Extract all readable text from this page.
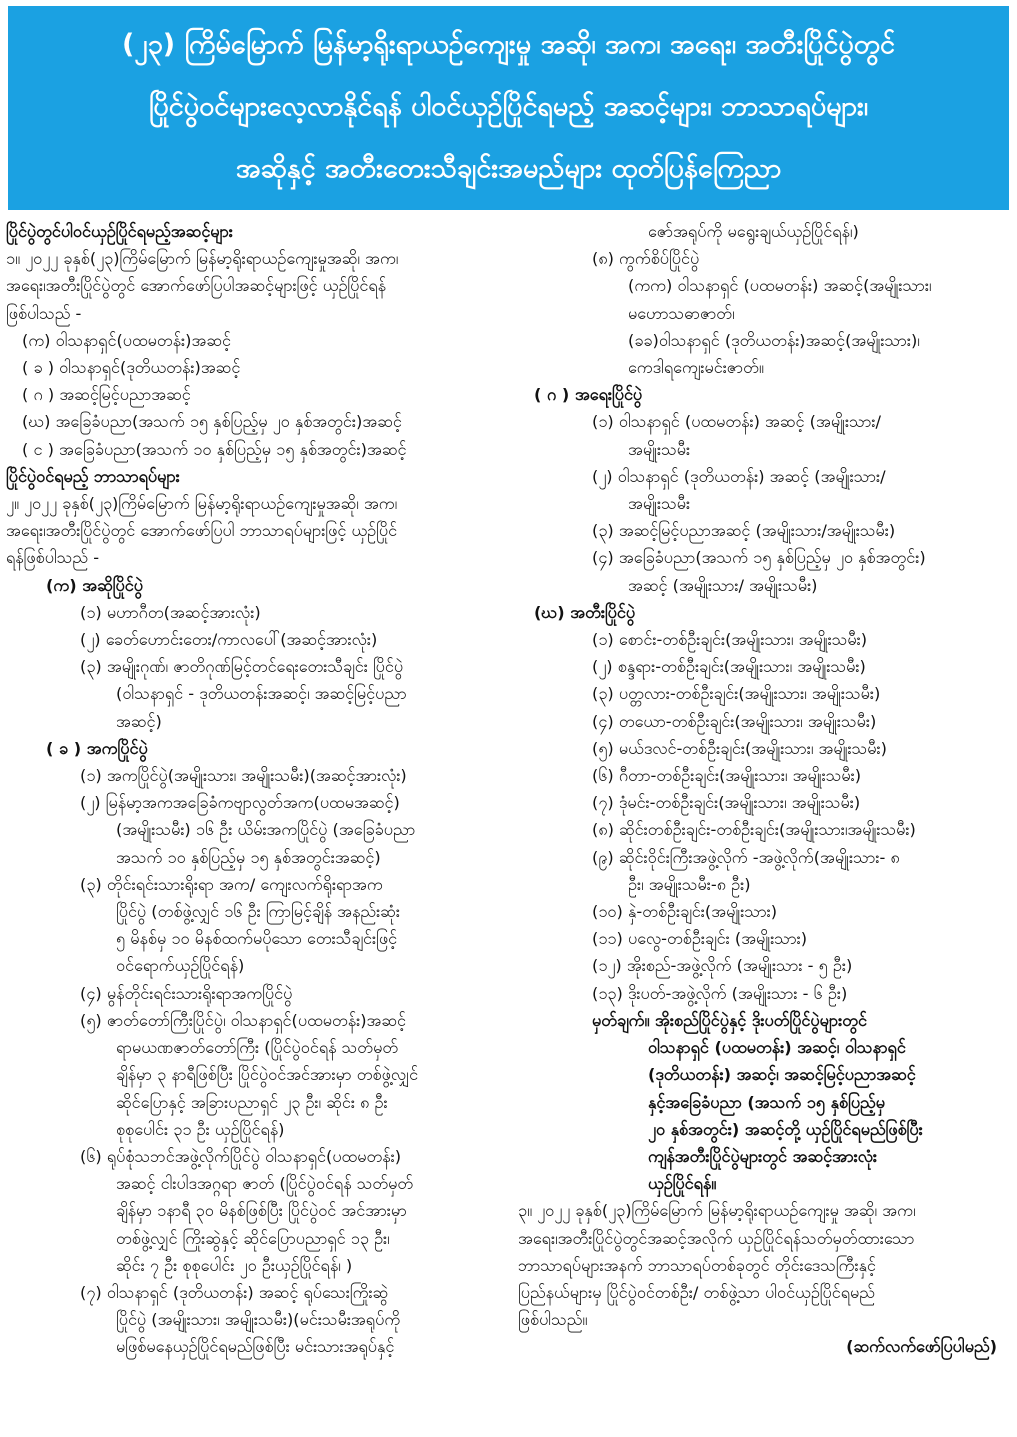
(၂၃) ကြိမ်မြောက် မြန်မာ့ရိုးရာယဉ်ကျေးမှု အဆို၊ အက၊ အရေး၊ အတီးပြိုင်ပွဲတွင်
ပြိုင်ပွဲဝင်များလေ့လာနိုင်ရန် ပါဝင်ယှဉ်ပြိုင်ရမည့် အဆင့်များ၊ ဘာသာရပ်များ၊
အဆိုနှင့် အတီးတေးသီချင်းအမည်များ ထုတ်ပြန်ကြေညာ
ပြိုင်ပွဲတွင်ပါဝင်ယှဉ်ပြိုင်ရမည့်အဆင့်များ
၁။ ၂၀၂၂ ခုနှစ်(၂၃)ကြိမ်မြောက် မြန်မာ့ရိုးရာယဉ်ကျေးမှုအဆို၊ အက၊
အရေး၊အတီးပြိုင်ပွဲတွင် အောက်ဖော်ပြပါအဆင့်များဖြင့် ယှဉ်ပြိုင်ရန်
ဖြစ်ပါသည် -
(က) ဝါသနာရှင်(ပထမတန်း)အဆင့်
( ခ ) ဝါသနာရှင်(ဒုတိယတန်း)အဆင့်
( ဂ ) အဆင့်မြင့်ပညာအဆင့်
(ဃ) အခြေခံပညာ(အသက် ၁၅ နှစ်ပြည့်မှ ၂၀ နှစ်အတွင်း)အဆင့်
( င ) အခြေခံပညာ(အသက် ၁၀ နှစ်ပြည့်မှ ၁၅ နှစ်အတွင်း)အဆင့်
ပြိုင်ပွဲဝင်ရမည့် ဘာသာရပ်များ
၂။ ၂၀၂၂ ခုနှစ်(၂၃)ကြိမ်မြောက် မြန်မာ့ရိုးရာယဉ်ကျေးမှုအဆို၊ အက၊
အရေး၊အတီးပြိုင်ပွဲတွင် အောက်ဖော်ပြပါ ဘာသာရပ်များဖြင့် ယှဉ်ပြိုင်
ရန်ဖြစ်ပါသည် -
(က) အဆိုပြိုင်ပွဲ
(၁) မဟာဂီတ(အဆင့်အားလုံး)
(၂) ခေတ်ဟောင်းတေး/ကာလပေါ်(အဆင့်အားလုံး)
(၃) အမျိုးဂုဏ်၊ ဇာတိဂုဏ်မြင့်တင်ရေးတေးသီချင်း ပြိုင်ပွဲ
(ဝါသနာရှင် - ဒုတိယတန်းအဆင့်၊ အဆင့်မြင့်ပညာ
အဆင့်)
( ခ ) အကပြိုင်ပွဲ
(၁) အကပြိုင်ပွဲ(အမျိုးသား၊ အမျိုးသမီး)(အဆင့်အားလုံး)
(၂) မြန်မာ့အကအခြေခံကဗျာလွတ်အက(ပထမအဆင့်)
(အမျိုးသမီး) ၁၆ ဦး ယိမ်းအကပြိုင်ပွဲ (အခြေခံပညာ
အသက် ၁၀ နှစ်ပြည့်မှ ၁၅ နှစ်အတွင်းအဆင့်)
(၃) တိုင်းရင်းသားရိုးရာ အက/ ကျေးလက်ရိုးရာအက
ပြိုင်ပွဲ (တစ်ဖွဲ့လျှင် ၁၆ ဦး ကြာမြင့်ချိန် အနည်းဆုံး
၅ မိနစ်မှ ၁၀ မိနစ်ထက်မပိုသော တေးသီချင်းဖြင့်
ဝင်ရောက်ယှဉ်ပြိုင်ရန်)
(၄) မွန်တိုင်းရင်းသားရိုးရာအကပြိုင်ပွဲ
(၅) ဇာတ်တော်ကြီးပြိုင်ပွဲ၊ ဝါသနာရှင်(ပထမတန်း)အဆင့်
ရာမယဏဇာတ်တော်ကြီး (ပြိုင်ပွဲဝင်ရန် သတ်မှတ်
ချိန်မှာ ၃ နာရီဖြစ်ပြီး ပြိုင်ပွဲဝင်အင်အားမှာ တစ်ဖွဲ့လျှင်
ဆိုင်ပြောနှင့် အခြားပညာရှင် ၂၃ ဦး၊ ဆိုင်း ၈ ဦး
စုစုပေါင်း ၃၁ ဦး ယှဉ်ပြိုင်ရန်)
(၆) ရုပ်စုံသဘင်အဖွဲ့လိုက်ပြိုင်ပွဲ ဝါသနာရှင်(ပထမတန်း)
အဆင့် ငါးပါဒအဂ္ဂရာ ဇာတ် (ပြိုင်ပွဲဝင်ရန် သတ်မှတ်
ချိန်မှာ ၁နာရီ ၃၀ မိနစ်ဖြစ်ပြီး ပြိုင်ပွဲဝင် အင်အားမှာ
တစ်ဖွဲ့လျှင် ကြိုးဆွဲနှင့် ဆိုင်ပြောပညာရှင် ၁၃ ဦး၊
ဆိုင်း ၇ ဦး စုစုပေါင်း ၂၀ ဦးယှဉ်ပြိုင်ရန်၊ )
(၇) ဝါသနာရှင် (ဒုတိယတန်း) အဆင့် ရုပ်သေးကြိုးဆွဲ
ပြိုင်ပွဲ (အမျိုးသား၊ အမျိုးသမီး)(မင်းသမီးအရုပ်ကို
မဖြစ်မနေယှဉ်ပြိုင်ရမည်ဖြစ်ပြီး မင်းသားအရုပ်နှင့်
ဇော်အရုပ်ကို မရွေးချယ်ယှဉ်ပြိုင်ရန်၊)
(၈) ကွက်စိပ်ပြိုင်ပွဲ
(ကက) ဝါသနာရှင် (ပထမတန်း) အဆင့်(အမျိုးသား၊
မဟောသဓာဇာတ်၊
(ခခ)ဝါသနာရှင် (ဒုတိယတန်း)အဆင့်(အမျိုးသား)၊
ကေဒါရကျေးမင်းဇာတ်။
( ဂ ) အရေးပြိုင်ပွဲ
(၁) ဝါသနာရှင် (ပထမတန်း) အဆင့် (အမျိုးသား/
အမျိုးသမီး
(၂) ဝါသနာရှင် (ဒုတိယတန်း) အဆင့် (အမျိုးသား/
အမျိုးသမီး
(၃) အဆင့်မြင့်ပညာအဆင့် (အမျိုးသား/အမျိုးသမီး)
(၄) အခြေခံပညာ(အသက် ၁၅ နှစ်ပြည့်မှ ၂၀ နှစ်အတွင်း)
အဆင့် (အမျိုးသား/ အမျိုးသမီး)
(ဃ) အတီးပြိုင်ပွဲ
(၁) စောင်း-တစ်ဦးချင်း(အမျိုးသား၊ အမျိုးသမီး)
(၂) စန္ဒရား-တစ်ဦးချင်း(အမျိုးသား၊ အမျိုးသမီး)
(၃) ပတ္တလား-တစ်ဦးချင်း(အမျိုးသား၊ အမျိုးသမီး)
(၄) တယော-တစ်ဦးချင်း(အမျိုးသား၊ အမျိုးသမီး)
(၅) မယ်ဒလင်-တစ်ဦးချင်း(အမျိုးသား၊ အမျိုးသမီး)
(၆) ဂီတာ-တစ်ဦးချင်း(အမျိုးသား၊ အမျိုးသမီး)
(၇) ဒုံမင်း-တစ်ဦးချင်း(အမျိုးသား၊ အမျိုးသမီး)
(၈) ဆိုင်းတစ်ဦးချင်း-တစ်ဦးချင်း(အမျိုးသား၊အမျိုးသမီး)
(၉) ဆိုင်းဝိုင်းကြီးအဖွဲ့လိုက် -အဖွဲ့လိုက်(အမျိုးသား- ၈
ဦး၊ အမျိုးသမီး-၈ ဦး)
(၁၀) နှဲ-တစ်ဦးချင်း(အမျိုးသား)
(၁၁) ပလွေ-တစ်ဦးချင်း (အမျိုးသား)
(၁၂) အိုးစည်-အဖွဲ့လိုက် (အမျိုးသား - ၅ ဦး)
(၁၃) ဒိုးပတ်-အဖွဲ့လိုက် (အမျိုးသား - ၆ ဦး)
မှတ်ချက်။ အိုးစည်ပြိုင်ပွဲနှင့် ဒိုးပတ်ပြိုင်ပွဲများတွင်
ဝါသနာရှင် (ပထမတန်း) အဆင့်၊ ဝါသနာရှင်
(ဒုတိယတန်း) အဆင့်၊ အဆင့်မြင့်ပညာအဆင့်
နှင့်အခြေခံပညာ (အသက် ၁၅ နှစ်ပြည့်မှ
၂၀ နှစ်အတွင်း) အဆင့်တို့ ယှဉ်ပြိုင်ရမည်ဖြစ်ပြီး
ကျန်အတီးပြိုင်ပွဲများတွင် အဆင့်အားလုံး
ယှဉ်ပြိုင်ရန်။
၃။ ၂၀၂၂ ခုနှစ်(၂၃)ကြိမ်မြောက် မြန်မာ့ရိုးရာယဉ်ကျေးမှု အဆို၊ အက၊
အရေး၊အတီးပြိုင်ပွဲတွင်အဆင့်အလိုက် ယှဉ်ပြိုင်ရန်သတ်မှတ်ထားသော
ဘာသာရပ်များအနက် ဘာသာရပ်တစ်ခုတွင် တိုင်းဒေသကြီးနှင့်
ပြည်နယ်များမှ ပြိုင်ပွဲဝင်တစ်ဦး/ တစ်ဖွဲ့သာ ပါဝင်ယှဉ်ပြိုင်ရမည်
ဖြစ်ပါသည်။
(ဆက်လက်ဖော်ပြပါမည်)
